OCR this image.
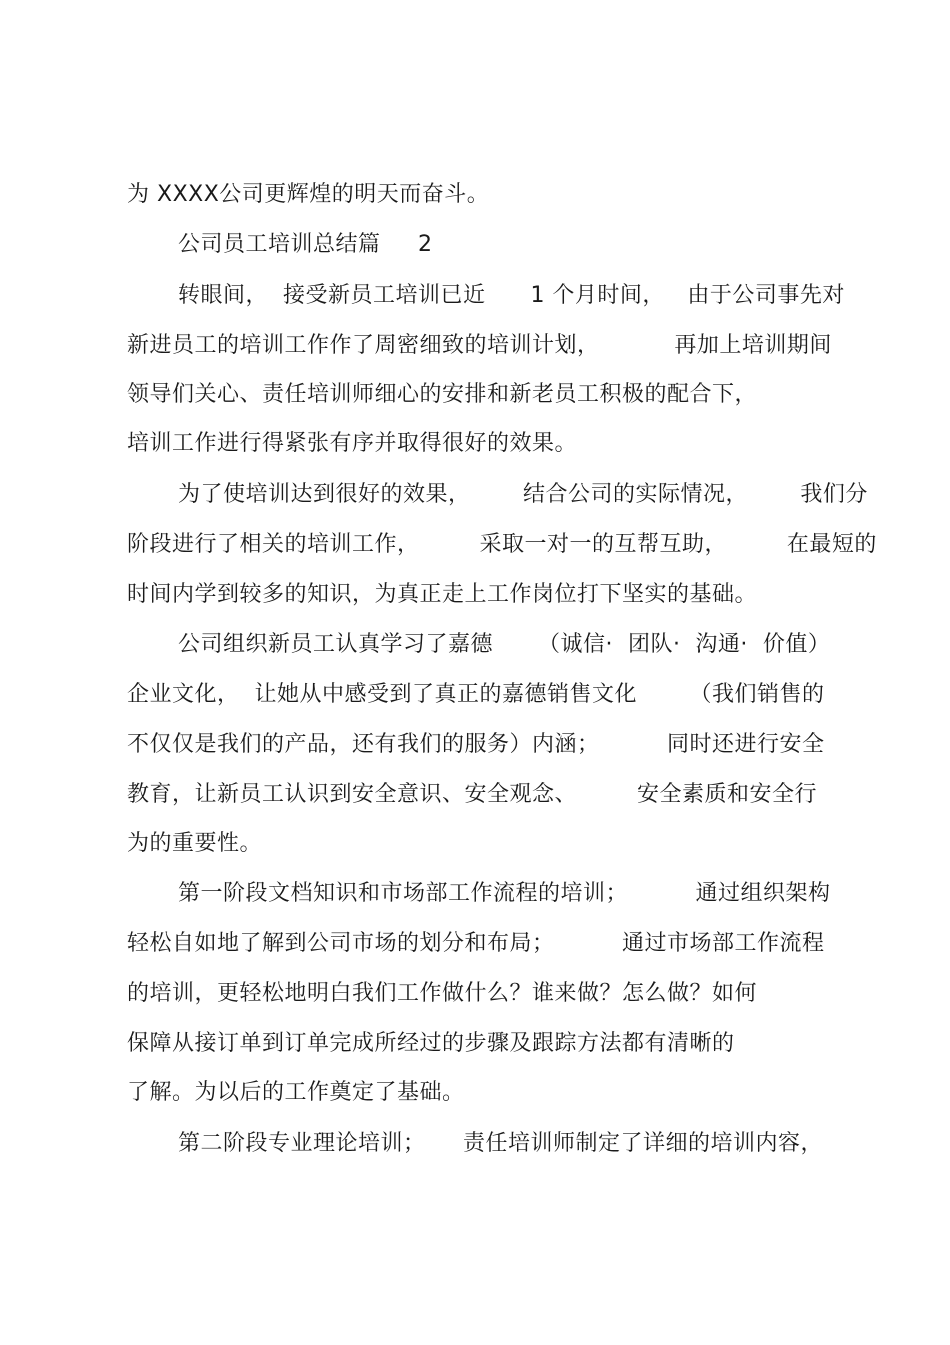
为 XXXX公司更辉煌的明天而奋斗。
公司员工培训总结篇     2
转眼间，  接受新员工培训已近      1 个月时间，   由于公司事先对
新进员工的培训工作作了周密细致的培训计划，          再加上培训期间
领导们关心、责任培训师细心的安排和新老员工积极的配合下，
培训工作进行得紧张有序并取得很好的效果。
为了使培训达到很好的效果，       结合公司的实际情况，       我们分
阶段进行了相关的培训工作，        采取一对一的互帮互助，        在最短的
时间内学到较多的知识，为真正走上工作岗位打下坚实的基础。
公司组织新员工认真学习了嘉德      （诚信·  团队·  沟通·  价值）
企业文化，  让她从中感受到了真正的嘉德销售文化       （我们销售的
不仅仅是我们的产品，还有我们的服务）内涵；         同时还进行安全
教育，让新员工认识到安全意识、安全观念、        安全素质和安全行
为的重要性。
第一阶段文档知识和市场部工作流程的培训；         通过组织架构
轻松自如地了解到公司市场的划分和布局；         通过市场部工作流程
的培训，更轻松地明白我们工作做什么？谁来做？怎么做？如何
保障从接订单到订单完成所经过的步骤及跟踪方法都有清晰的
了解。为以后的工作奠定了基础。
第二阶段专业理论培训；     责任培训师制定了详细的培训内容，
